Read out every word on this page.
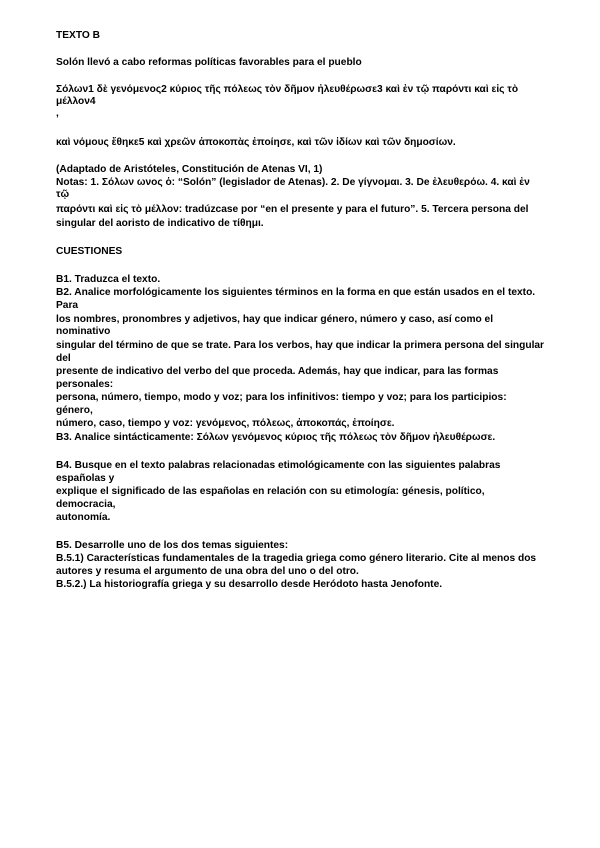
TEXTO B
Solón llevó a cabo reformas políticas favorables para el pueblo
Σόλων1 δὲ γενόμενος2 κύριος τῆς πόλεως τὸν δῆμον ἠλευθέρωσε3 καὶ ἐν τῷ παρόντι καὶ εἰς τὸ
μέλλον4
,
καὶ νόμους ἔθηκε5 καὶ χρεῶν ἀποκοπὰς ἐποίησε, καὶ τῶν ἰδίων καὶ τῶν δημοσίων.
(Adaptado de Aristóteles, Constitución de Atenas VI, 1)
Notas: 1. Σόλων ωνος ὁ: “Solón” (legislador de Atenas). 2. De γίγνομαι. 3. De ἐλευθερόω. 4. καὶ ἐν
τῷ
παρόντι καὶ εἰς τὸ μέλλον: tradúzcase por “en el presente y para el futuro”. 5. Tercera persona del
singular del aoristo de indicativo de τίθημι.
CUESTIONES
B1. Traduzca el texto.
B2. Analice morfológicamente los siguientes términos en la forma en que están usados en el texto.
Para
los nombres, pronombres y adjetivos, hay que indicar género, número y caso, así como el
nominativo
singular del término de que se trate. Para los verbos, hay que indicar la primera persona del singular
del
presente de indicativo del verbo del que proceda. Además, hay que indicar, para las formas
personales:
persona, número, tiempo, modo y voz; para los infinitivos: tiempo y voz; para los participios:
género,
número, caso, tiempo y voz: γενόμενος, πόλεως, ἀποκοπάς, ἐποίησε.
B3. Analice sintácticamente: Σόλων γενόμενος κύριος τῆς πόλεως τὸν δῆμον ἠλευθέρωσε.
B4. Busque en el texto palabras relacionadas etimológicamente con las siguientes palabras
españolas y
explique el significado de las españolas en relación con su etimología: génesis, político,
democracia,
autonomía.
B5. Desarrolle uno de los dos temas siguientes:
B.5.1) Características fundamentales de la tragedia griega como género literario. Cite al menos dos
autores y resuma el argumento de una obra del uno o del otro.
B.5.2.) La historiografía griega y su desarrollo desde Heródoto hasta Jenofonte.
